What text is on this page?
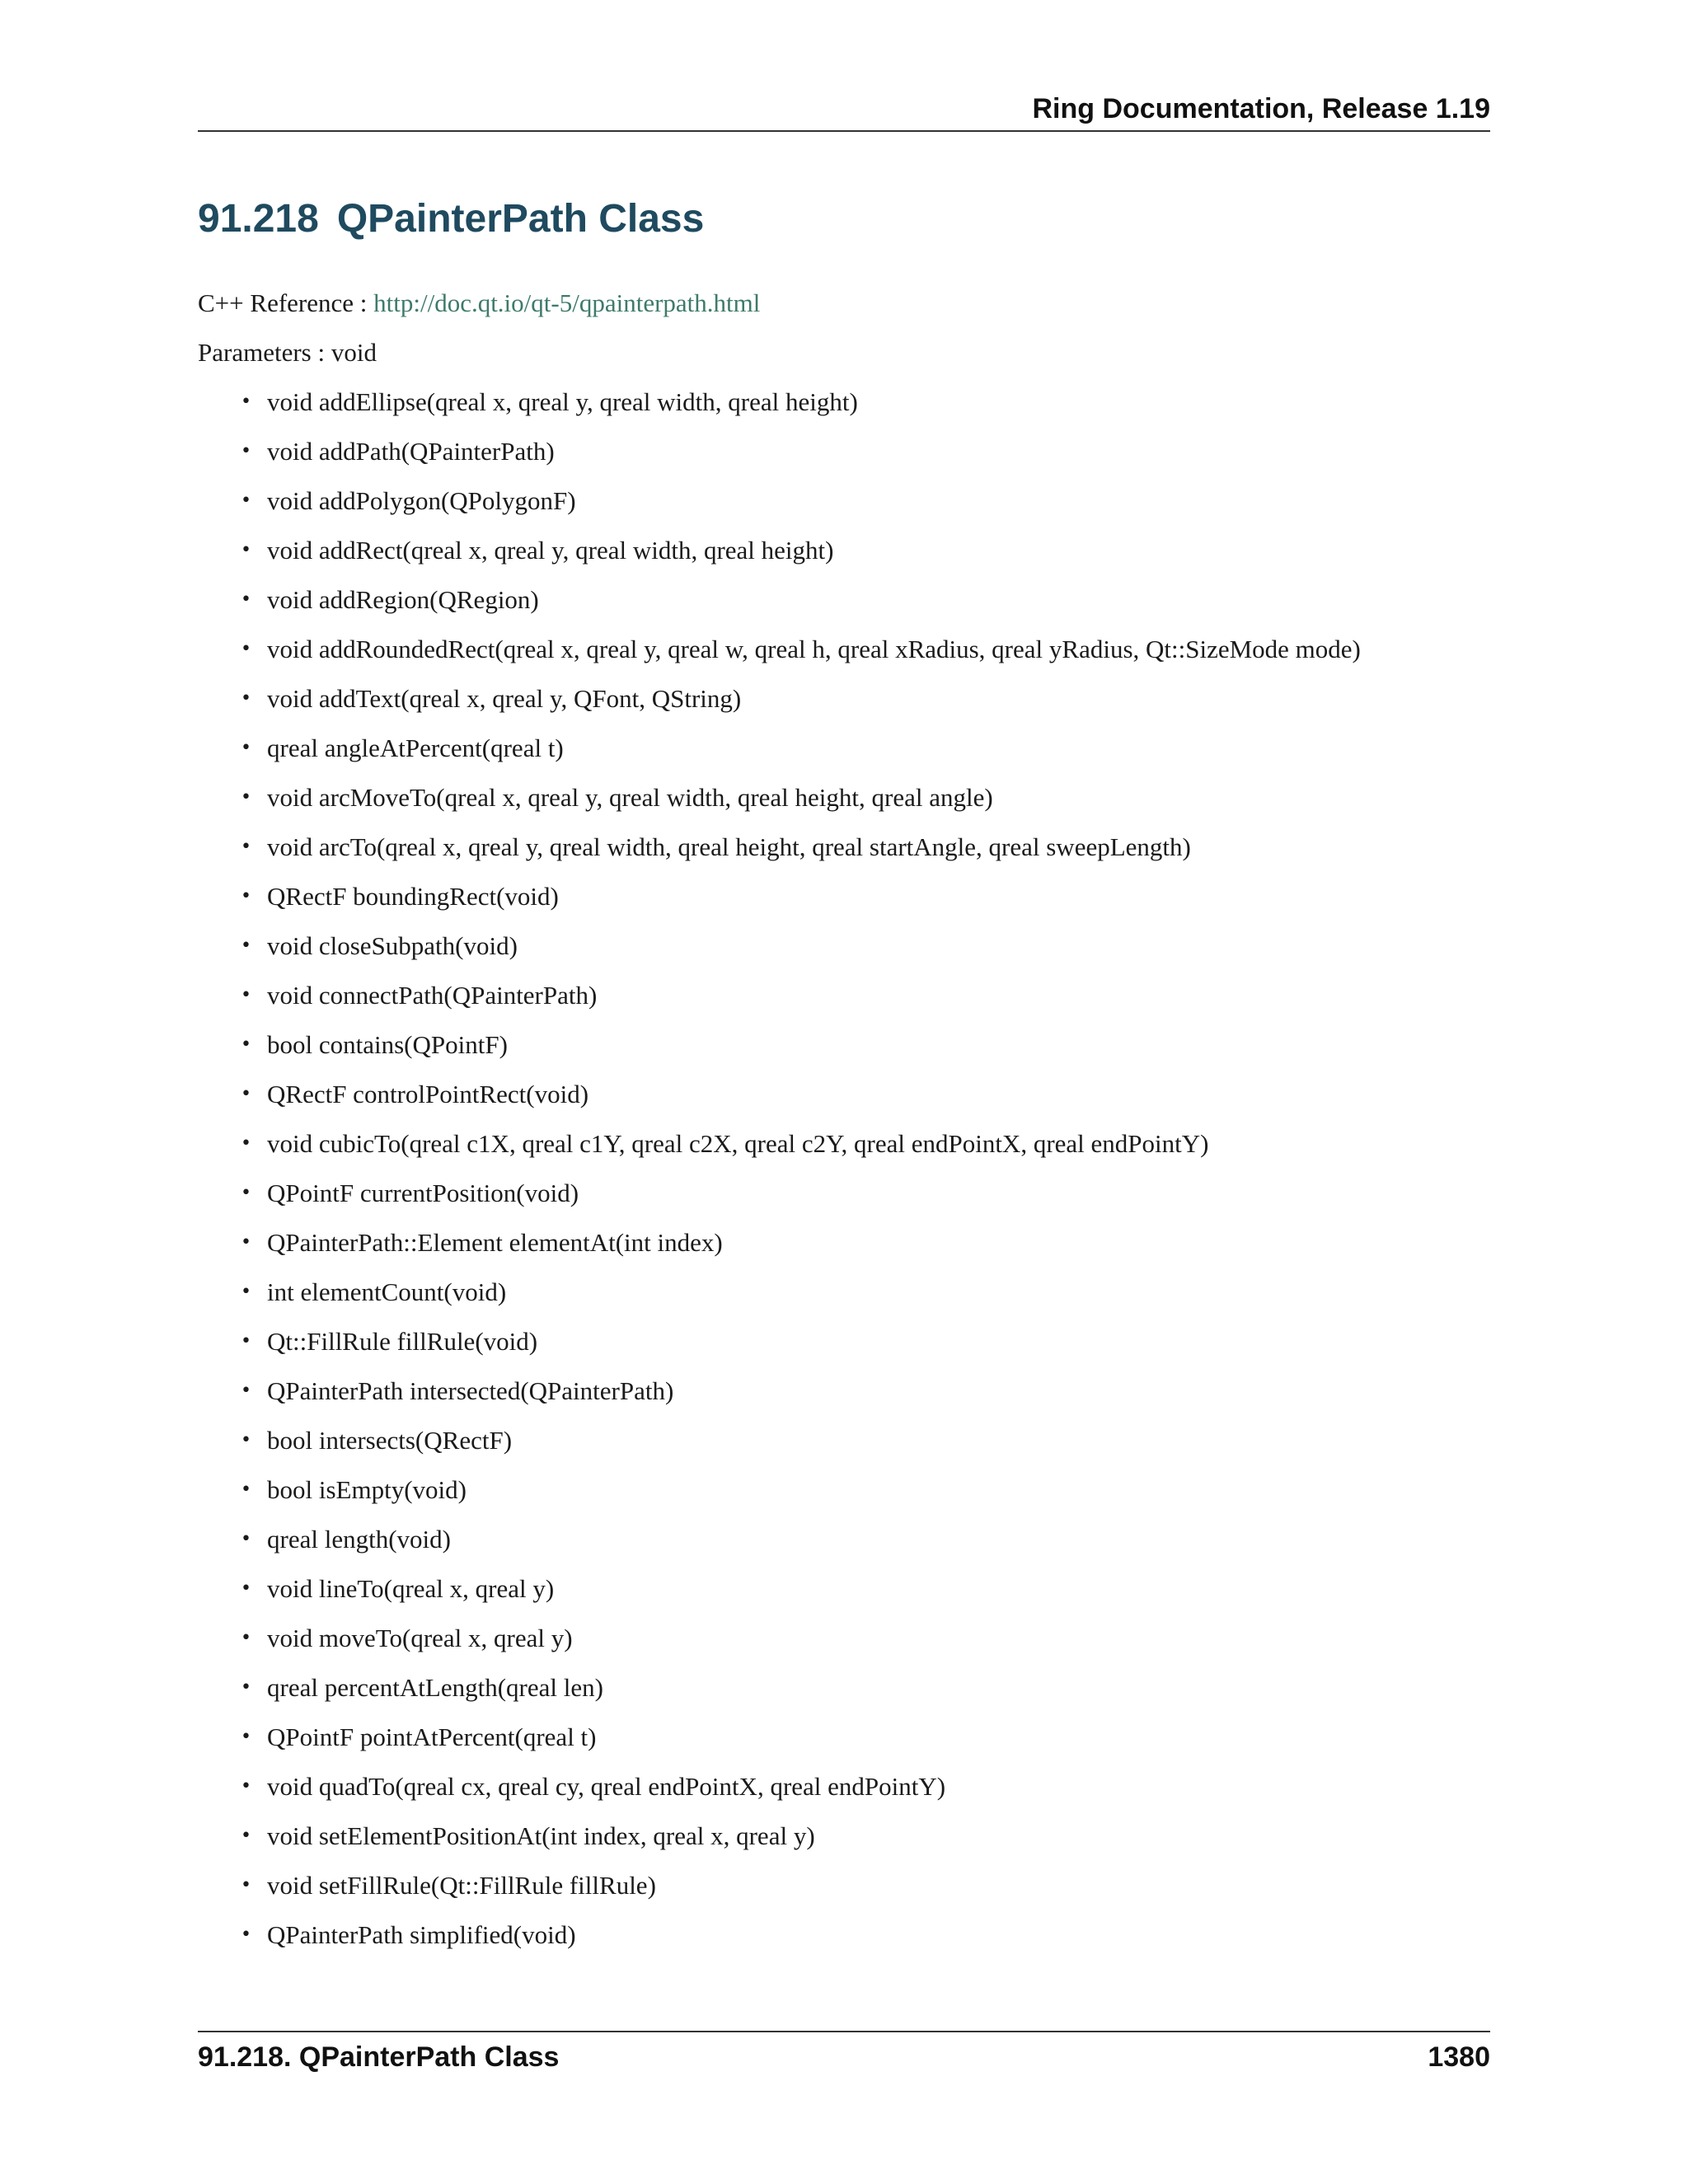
Ring Documentation, Release 1.19
91.218 QPainterPath Class
C++ Reference : http://doc.qt.io/qt-5/qpainterpath.html
Parameters : void
• void addEllipse(qreal x, qreal y, qreal width, qreal height)
• void addPath(QPainterPath)
• void addPolygon(QPolygonF)
• void addRect(qreal x, qreal y, qreal width, qreal height)
• void addRegion(QRegion)
• void addRoundedRect(qreal x, qreal y, qreal w, qreal h, qreal xRadius, qreal yRadius, Qt::SizeMode mode)
• void addText(qreal x, qreal y, QFont, QString)
• qreal angleAtPercent(qreal t)
• void arcMoveTo(qreal x, qreal y, qreal width, qreal height, qreal angle)
• void arcTo(qreal x, qreal y, qreal width, qreal height, qreal startAngle, qreal sweepLength)
• QRectF boundingRect(void)
• void closeSubpath(void)
• void connectPath(QPainterPath)
• bool contains(QPointF)
• QRectF controlPointRect(void)
• void cubicTo(qreal c1X, qreal c1Y, qreal c2X, qreal c2Y, qreal endPointX, qreal endPointY)
• QPointF currentPosition(void)
• QPainterPath::Element elementAt(int index)
• int elementCount(void)
• Qt::FillRule fillRule(void)
• QPainterPath intersected(QPainterPath)
• bool intersects(QRectF)
• bool isEmpty(void)
• qreal length(void)
• void lineTo(qreal x, qreal y)
• void moveTo(qreal x, qreal y)
• qreal percentAtLength(qreal len)
• QPointF pointAtPercent(qreal t)
• void quadTo(qreal cx, qreal cy, qreal endPointX, qreal endPointY)
• void setElementPositionAt(int index, qreal x, qreal y)
• void setFillRule(Qt::FillRule fillRule)
• QPainterPath simplified(void)
91.218. QPainterPath Class	1380
